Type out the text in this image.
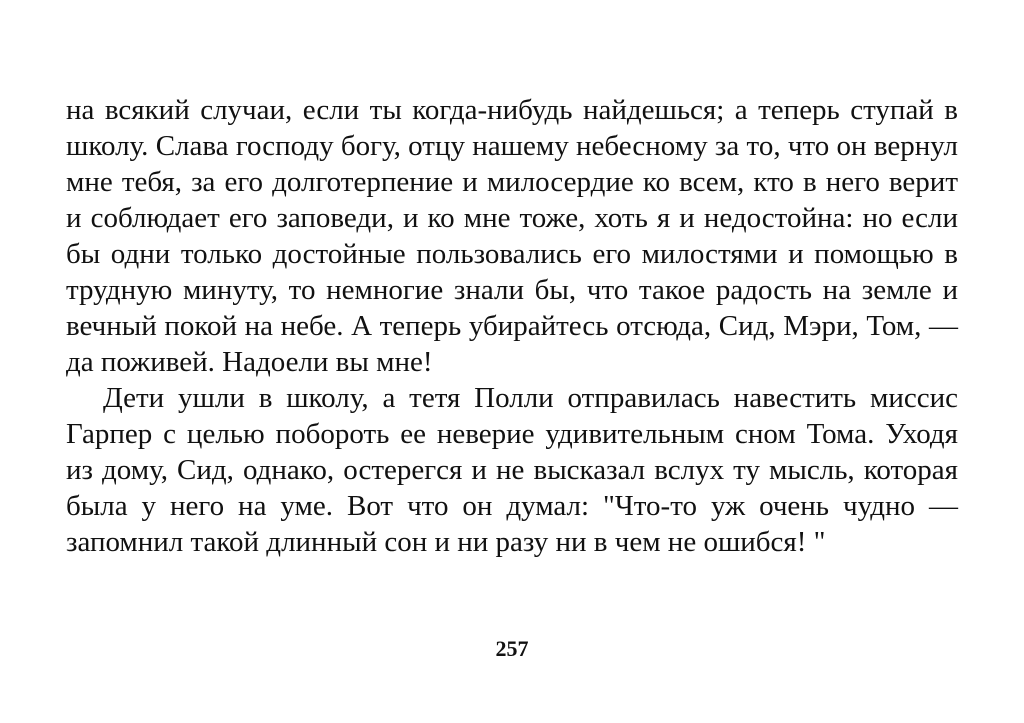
на всякий случаи, если ты когда-нибудь найдешься; а теперь ступай в школу. Слава господу богу, отцу нашему небесному за то, что он вернул мне тебя, за его долготерпение и милосердие ко всем, кто в него верит и соблюдает его заповеди, и ко мне тоже, хоть я и недостойна: но если бы одни только достойные пользовались его милостями и помощью в трудную минуту, то немногие знали бы, что такое радость на земле и вечный покой на небе. А теперь убирайтесь отсюда, Сид, Мэри, Том, — да поживей. Надоели вы мне!

Дети ушли в школу, а тетя Полли отправилась навестить миссис Гарпер с целью побороть ее неверие удивительным сном Тома. Уходя из дому, Сид, однако, остерегся и не высказал вслух ту мысль, которая была у него на уме. Вот что он думал: "Что-то уж очень чудно — запомнил такой длинный сон и ни разу ни в чем не ошибся! "

257
